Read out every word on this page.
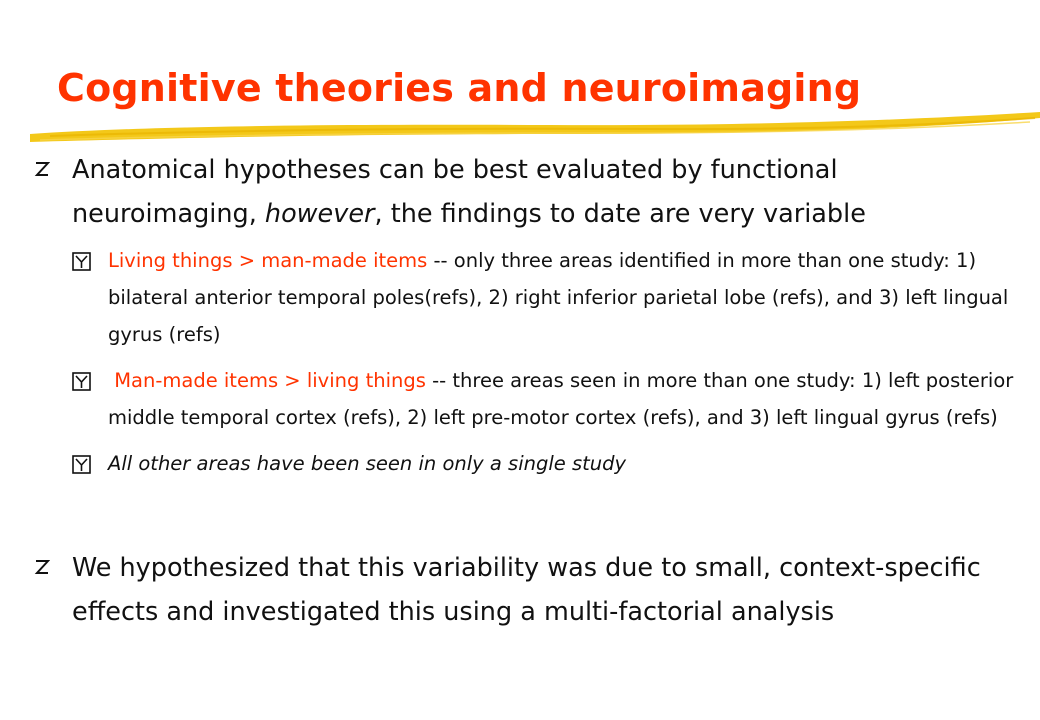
Cognitive theories and neuroimaging

Anatomical hypotheses can be best evaluated by functional neuroimaging, however, the findings to date are very variable

Living things > man-made items -- only three areas identified in more than one study: 1) bilateral anterior temporal poles(refs), 2) right inferior parietal lobe (refs), and 3) left lingual gyrus (refs)

Man-made items > living things -- three areas seen in more than one study: 1) left posterior middle temporal cortex (refs), 2) left pre-motor cortex (refs), and 3) left lingual gyrus (refs)

All other areas have been seen in only a single study

We hypothesized that this variability was due to small, context-specific effects and investigated this using a multi-factorial analysis
